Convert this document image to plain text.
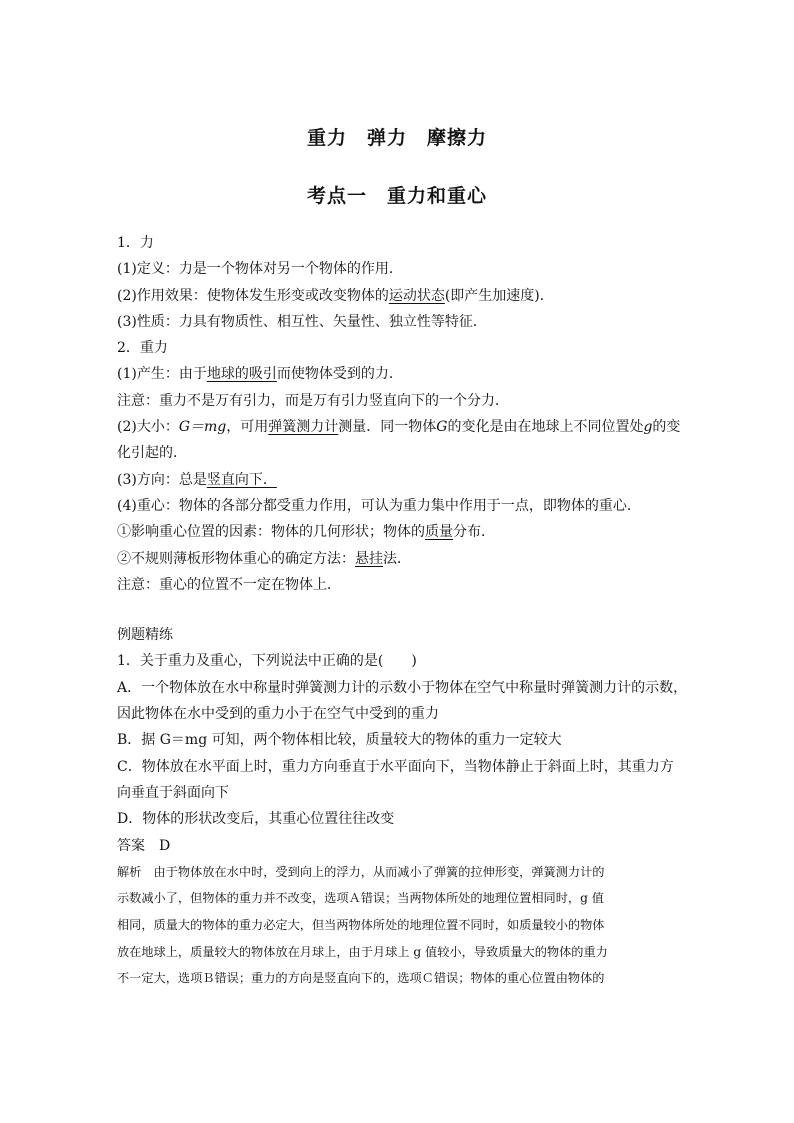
重力　弹力　摩擦力
考点一　重力和重心
1．力
(1)定义：力是一个物体对另一个物体的作用．
(2)作用效果：使物体发生形变或改变物体的运动状态(即产生加速度)．
(3)性质：力具有物质性、相互性、矢量性、独立性等特征．
2．重力
(1)产生：由于地球的吸引而使物体受到的力．
注意：重力不是万有引力，而是万有引力竖直向下的一个分力．
(2)大小：G＝mg，可用弹簧测力计测量．同一物体G的变化是由在地球上不同位置处g的变
化引起的．
(3)方向：总是竖直向下．
(4)重心：物体的各部分都受重力作用，可认为重力集中作用于一点，即物体的重心．
①影响重心位置的因素：物体的几何形状；物体的质量分布．
②不规则薄板形物体重心的确定方法：悬挂法．
注意：重心的位置不一定在物体上．
例题精练
1．关于重力及重心，下列说法中正确的是(　　)
A．一个物体放在水中称量时弹簧测力计的示数小于物体在空气中称量时弹簧测力计的示数，
因此物体在水中受到的重力小于在空气中受到的重力
B．据 G＝mg 可知，两个物体相比较，质量较大的物体的重力一定较大
C．物体放在水平面上时，重力方向垂直于水平面向下，当物体静止于斜面上时，其重力方
向垂直于斜面向下
D．物体的形状改变后，其重心位置往往改变
答案　D
解析　由于物体放在水中时，受到向上的浮力，从而减小了弹簧的拉伸形变，弹簧测力计的
示数减小了，但物体的重力并不改变，选项Ａ错误；当两物体所处的地理位置相同时，g 值
相同，质量大的物体的重力必定大，但当两物体所处的地理位置不同时，如质量较小的物体
放在地球上，质量较大的物体放在月球上，由于月球上 g 值较小，导致质量大的物体的重力
不一定大，选项Ｂ错误；重力的方向是竖直向下的，选项Ｃ错误；物体的重心位置由物体的
